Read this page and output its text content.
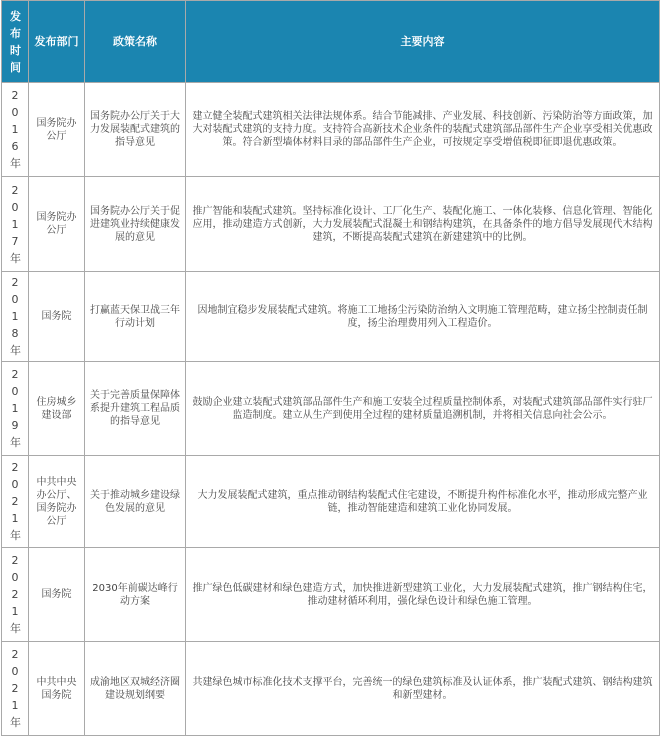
发布时间	发布部门	政策名称	主要内容
2016年	国务院办公厅	国务院办公厅关于大力发展装配式建筑的指导意见	建立健全装配式建筑相关法律法规体系。结合节能减排、产业发展、科技创新、污染防治等方面政策，加大对装配式建筑的支持力度。支持符合高新技术企业条件的装配式建筑部品部件生产企业享受相关优惠政策。符合新型墙体材料目录的部品部件生产企业，可按规定享受增值税即征即退优惠政策。
2017年	国务院办公厅	国务院办公厅关于促进建筑业持续健康发展的意见	推广智能和装配式建筑。坚持标准化设计、工厂化生产、装配化施工、一体化装修、信息化管理、智能化应用，推动建造方式创新，大力发展装配式混凝土和钢结构建筑，在具备条件的地方倡导发展现代木结构建筑，不断提高装配式建筑在新建建筑中的比例。
2018年	国务院	打赢蓝天保卫战三年行动计划	因地制宜稳步发展装配式建筑。将施工工地扬尘污染防治纳入文明施工管理范畴，建立扬尘控制责任制度，扬尘治理费用列入工程造价。
2019年	住房城乡建设部	关于完善质量保障体系提升建筑工程品质的指导意见	鼓励企业建立装配式建筑部品部件生产和施工安装全过程质量控制体系，对装配式建筑部品部件实行驻厂监造制度。建立从生产到使用全过程的建材质量追溯机制，并将相关信息向社会公示。
2021年	中共中央办公厅、国务院办公厅	关于推动城乡建设绿色发展的意见	大力发展装配式建筑，重点推动钢结构装配式住宅建设，不断提升构件标准化水平，推动形成完整产业链，推动智能建造和建筑工业化协同发展。
2021年	国务院	2030年前碳达峰行动方案	推广绿色低碳建材和绿色建造方式，加快推进新型建筑工业化，大力发展装配式建筑，推广钢结构住宅，推动建材循环利用，强化绿色设计和绿色施工管理。
2021年	中共中央 国务院	成渝地区双城经济圈建设规划纲要	共建绿色城市标准化技术支撑平台，完善统一的绿色建筑标准及认证体系，推广装配式建筑、钢结构建筑和新型建材。
